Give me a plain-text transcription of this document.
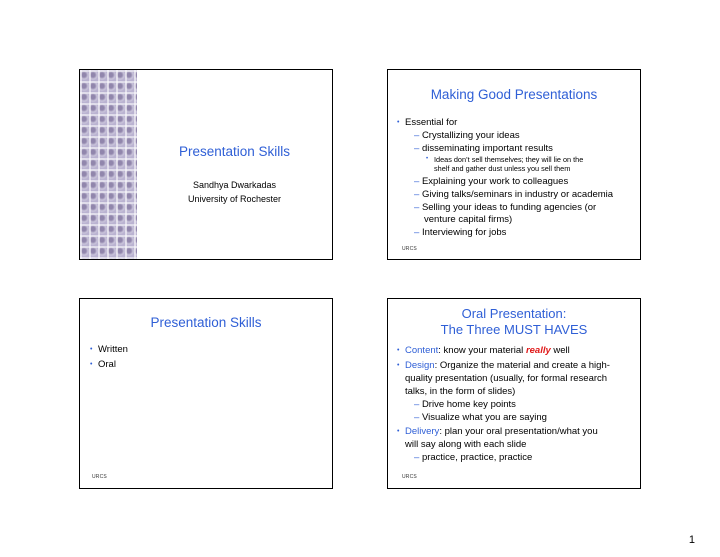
Presentation Skills
Sandhya Dwarkadas
University of Rochester
Making Good Presentations
• Essential for
– Crystallizing your ideas
– disseminating important results
• Ideas don’t sell themselves; they will lie on the
shelf and gather dust unless you sell them
– Explaining your work to colleagues
– Giving talks/seminars in industry or academia
– Selling your ideas to funding agencies (or
venture capital firms)
– Interviewing for jobs
URCS
Presentation Skills
• Written
• Oral
URCS
Oral Presentation:
The Three MUST HAVES
• Content: know your material really well
• Design: Organize the material and create a high-
quality presentation (usually, for formal research
talks, in the form of slides)
– Drive home key points
– Visualize what you are saying
• Delivery: plan your oral presentation/what you
will say along with each slide
– practice, practice, practice
URCS
1
